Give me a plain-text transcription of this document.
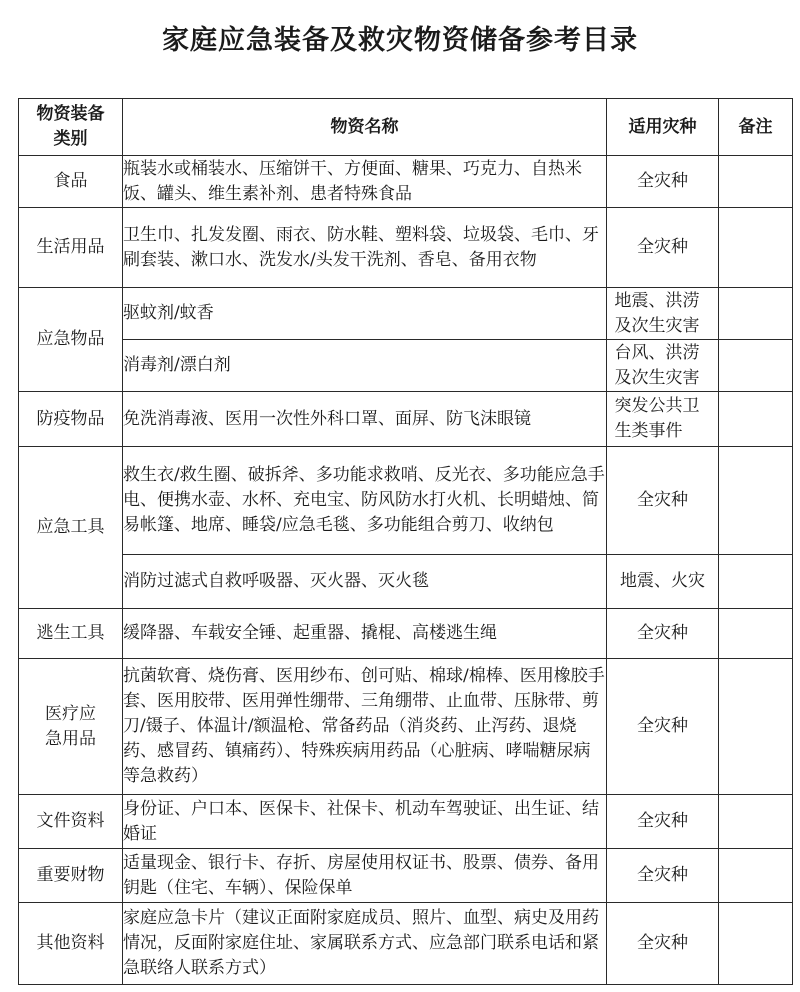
家庭应急装备及救灾物资储备参考目录
物资装备类别	物资名称	适用灾种	备注
食品	瓶装水或桶装水、压缩饼干、方便面、糖果、巧克力、自热米饭、罐头、维生素补剂、患者特殊食品	全灾种	
生活用品	卫生巾、扎发发圈、雨衣、防水鞋、塑料袋、垃圾袋、毛巾、牙刷套装、漱口水、洗发水/头发干洗剂、香皂、备用衣物	全灾种	
应急物品	驱蚊剂/蚊香	地震、洪涝及次生灾害	

	消毒剂/漂白剂	台风、洪涝及次生灾害	

防疫物品	免洗消毒液、医用一次性外科口罩、面屏、防飞沫眼镜	突发公共卫生类事件	

应急工具	救生衣/救生圈、破拆斧、多功能求救哨、反光衣、多功能应急手电、便携水壶、水杯、充电宝、防风防水打火机、长明蜡烛、简易帐篷、地席、睡袋/应急毛毯、多功能组合剪刀、收纳包	全灾种	
	消防过滤式自救呼吸器、灭火器、灭火毯	地震、火灾	
逃生工具	缓降器、车载安全锤、起重器、撬棍、高楼逃生绳	全灾种	

医疗应急用品	抗菌软膏、烧伤膏、医用纱布、创可贴、棉球/棉棒、医用橡胶手套、医用胶带、医用弹性绷带、三角绷带、止血带、压脉带、剪刀/镊子、体温计/额温枪、常备药品（消炎药、止泻药、退烧药、感冒药、镇痛药）、特殊疾病用药品（心脏病、哮喘糖尿病等急救药）	全灾种	
文件资料	身份证、户口本、医保卡、社保卡、机动车驾驶证、出生证、结婚证	全灾种	
重要财物	适量现金、银行卡、存折、房屋使用权证书、股票、债券、备用钥匙（住宅、车辆）、保险保单	全灾种	
其他资料	家庭应急卡片（建议正面附家庭成员、照片、血型、病史及用药情况，反面附家庭住址、家属联系方式、应急部门联系电话和紧急联络人联系方式）	全灾种	
